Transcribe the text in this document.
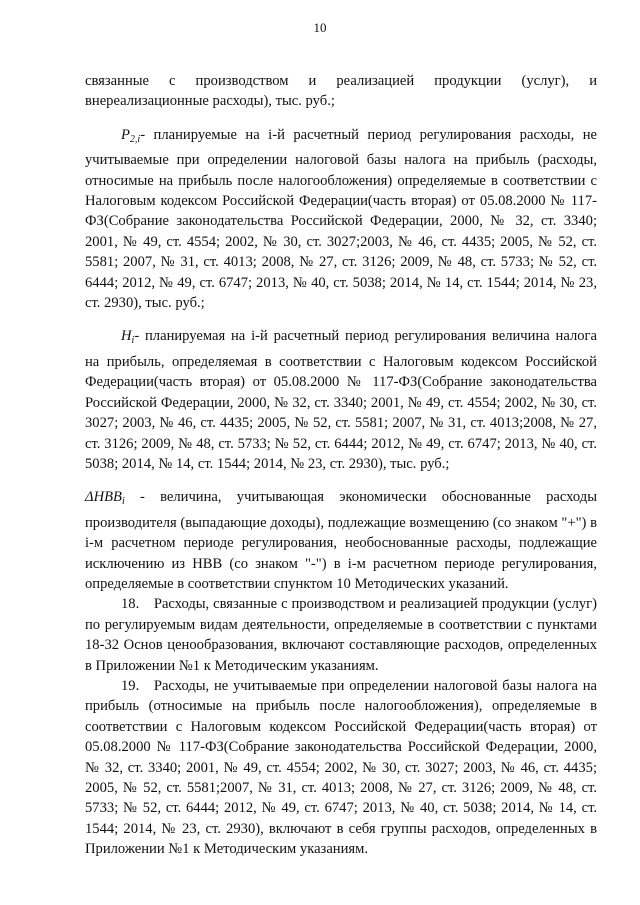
10

связанные с производством и реализацией продукции (услуг), и внереализационные расходы), тыс. руб.;

$P_{2,i}-$ планируемые на i-й расчетный период регулирования расходы, не учитываемые при определении налоговой базы налога на прибыль (расходы, относимые на прибыль после налогообложения) определяемые в соответствии с Налоговым кодексом Российской Федерации(часть вторая) от 05.08.2000 № 117-ФЗ(Собрание законодательства Российской Федерации, 2000, № 32, ст. 3340; 2001, № 49, ст. 4554; 2002, № 30, ст. 3027;2003, № 46, ст. 4435; 2005, № 52, ст. 5581; 2007, № 31, ст. 4013; 2008, № 27, ст. 3126; 2009, № 48, ст. 5733; № 52, ст. 6444; 2012, № 49, ст. 6747; 2013, № 40, ст. 5038; 2014, № 14, ст. 1544; 2014, № 23, ст. 2930), тыс. руб.;

$H_i-$ планируемая на i-й расчетный период регулирования величина налога на прибыль, определяемая в соответствии с Налоговым кодексом Российской Федерации(часть вторая) от 05.08.2000 № 117-ФЗ(Собрание законодательства Российской Федерации, 2000, № 32, ст. 3340; 2001, № 49, ст. 4554; 2002, № 30, ст. 3027; 2003, № 46, ст. 4435; 2005, № 52, ст. 5581; 2007, № 31, ст. 4013;2008, № 27, ст. 3126; 2009, № 48, ст. 5733; № 52, ст. 6444; 2012, № 49, ст. 6747; 2013, № 40, ст. 5038; 2014, № 14, ст. 1544; 2014, № 23, ст. 2930), тыс. руб.;

$\Delta HBB_i$ - величина, учитывающая экономически обоснованные расходы производителя (выпадающие доходы), подлежащие возмещению (со знаком "+") в i-м расчетном периоде регулирования, необоснованные расходы, подлежащие исключению из НВВ (со знаком "-") в i-м расчетном периоде регулирования, определяемые в соответствии спунктом 10 Методических указаний.

18. Расходы, связанные с производством и реализацией продукции (услуг) по регулируемым видам деятельности, определяемые в соответствии с пунктами 18-32 Основ ценообразования, включают составляющие расходов, определенных в Приложении №1 к Методическим указаниям.

19. Расходы, не учитываемые при определении налоговой базы налога на прибыль (относимые на прибыль после налогообложения), определяемые в соответствии с Налоговым кодексом Российской Федерации(часть вторая) от 05.08.2000 № 117-ФЗ(Собрание законодательства Российской Федерации, 2000, № 32, ст. 3340; 2001, № 49, ст. 4554; 2002, № 30, ст. 3027; 2003, № 46, ст. 4435; 2005, № 52, ст. 5581;2007, № 31, ст. 4013; 2008, № 27, ст. 3126; 2009, № 48, ст. 5733; № 52, ст. 6444; 2012, № 49, ст. 6747; 2013, № 40, ст. 5038; 2014, № 14, ст. 1544; 2014, № 23, ст. 2930), включают в себя группы расходов, определенных в Приложении №1 к Методическим указаниям.
